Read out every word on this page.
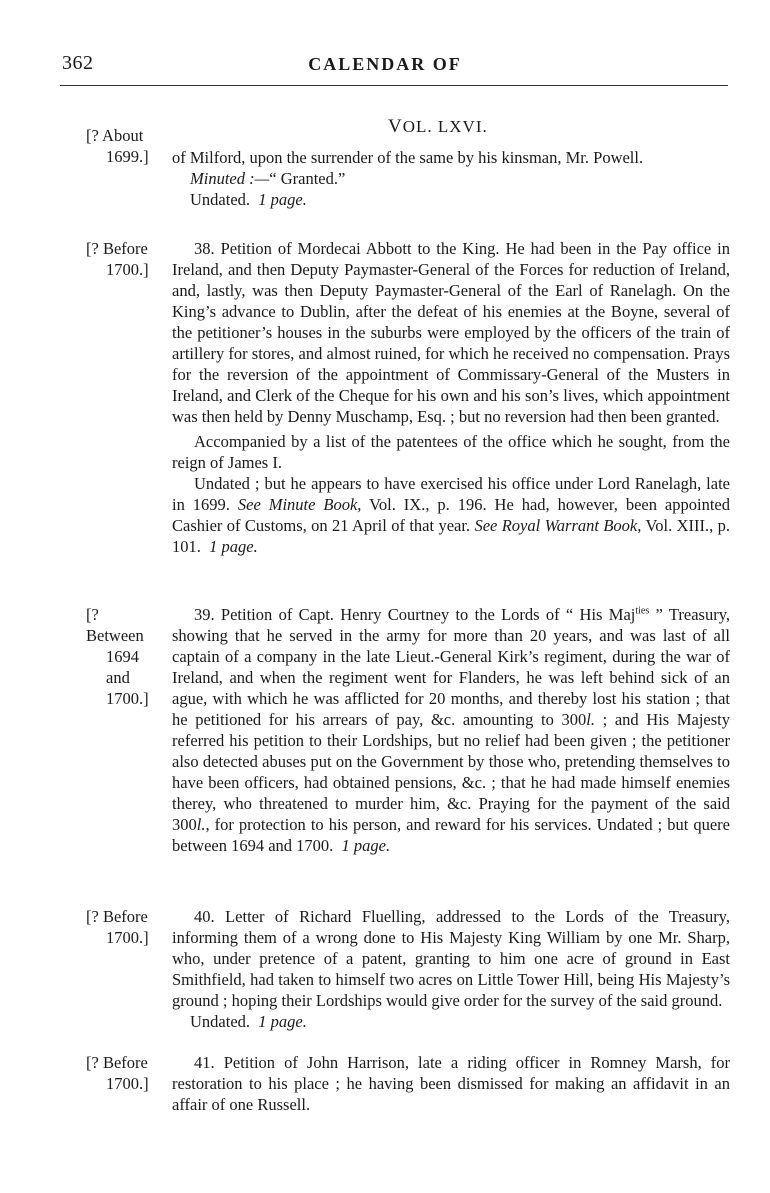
362	CALENDAR OF
VOL. LXVI.
[? About
1699.]	of Milford, upon the surrender of the same by his kinsman, Mr. Powell.

Minuted :—“ Granted.”

Undated. 1 page.

[? Before
1700.]

38. Petition of Mordecai Abbott to the King. He had been in the Pay office in Ireland, and then Deputy Paymaster-General of the Forces for reduction of Ireland, and, lastly, was then Deputy Paymaster-General of the Earl of Ranelagh. On the King’s advance to Dublin, after the defeat of his enemies at the Boyne, several of the petitioner’s houses in the suburbs were employed by the officers of the train of artillery for stores, and almost ruined, for which he received no compensation. Prays for the reversion of the appointment of Commissary-General of the Musters in Ireland, and Clerk of the Cheque for his own and his son’s lives, which appointment was then held by Denny Muschamp, Esq. ; but no reversion had then been granted.

Accompanied by a list of the patentees of the office which he sought, from the reign of James I.

Undated ; but he appears to have exercised his office under Lord Ranelagh, late in 1699. See Minute Book, Vol. IX., p. 196. He had, however, been appointed Cashier of Customs, on 21 April of that year. See Royal Warrant Book, Vol. XIII., p. 101. 1 page.

[? Between
1694 and
1700.]

39. Petition of Capt. Henry Courtney to the Lords of “ His Maj$^{ties}$ ” Treasury, showing that he served in the army for more than 20 years, and was last of all captain of a company in the late Lieut.-General Kirk’s regiment, during the war of Ireland, and when the regiment went for Flanders, he was left behind sick of an ague, with which he was afflicted for 20 months, and thereby lost his station ; that he petitioned for his arrears of pay, &c. amounting to 300l. ; and His Majesty referred his petition to their Lordships, but no relief had been given ; the petitioner also detected abuses put on the Government by those who, pretending themselves to have been officers, had obtained pensions, &c. ; that he had made himself enemies therey, who threatened to murder him, &c. Praying for the payment of the said 300l., for protection to his person, and reward for his services. Undated ; but quere between 1694 and 1700. 1 page.

[? Before
1700.]

40. Letter of Richard Fluelling, addressed to the Lords of the Treasury, informing them of a wrong done to His Majesty King William by one Mr. Sharp, who, under pretence of a patent, granting to him one acre of ground in East Smithfield, had taken to himself two acres on Little Tower Hill, being His Majesty’s ground ; hoping their Lordships would give order for the survey of the said ground.

Undated. 1 page.

[? Before
1700.]

41. Petition of John Harrison, late a riding officer in Romney Marsh, for restoration to his place ; he having been dismissed for making an affidavit in an affair of one Russell.
